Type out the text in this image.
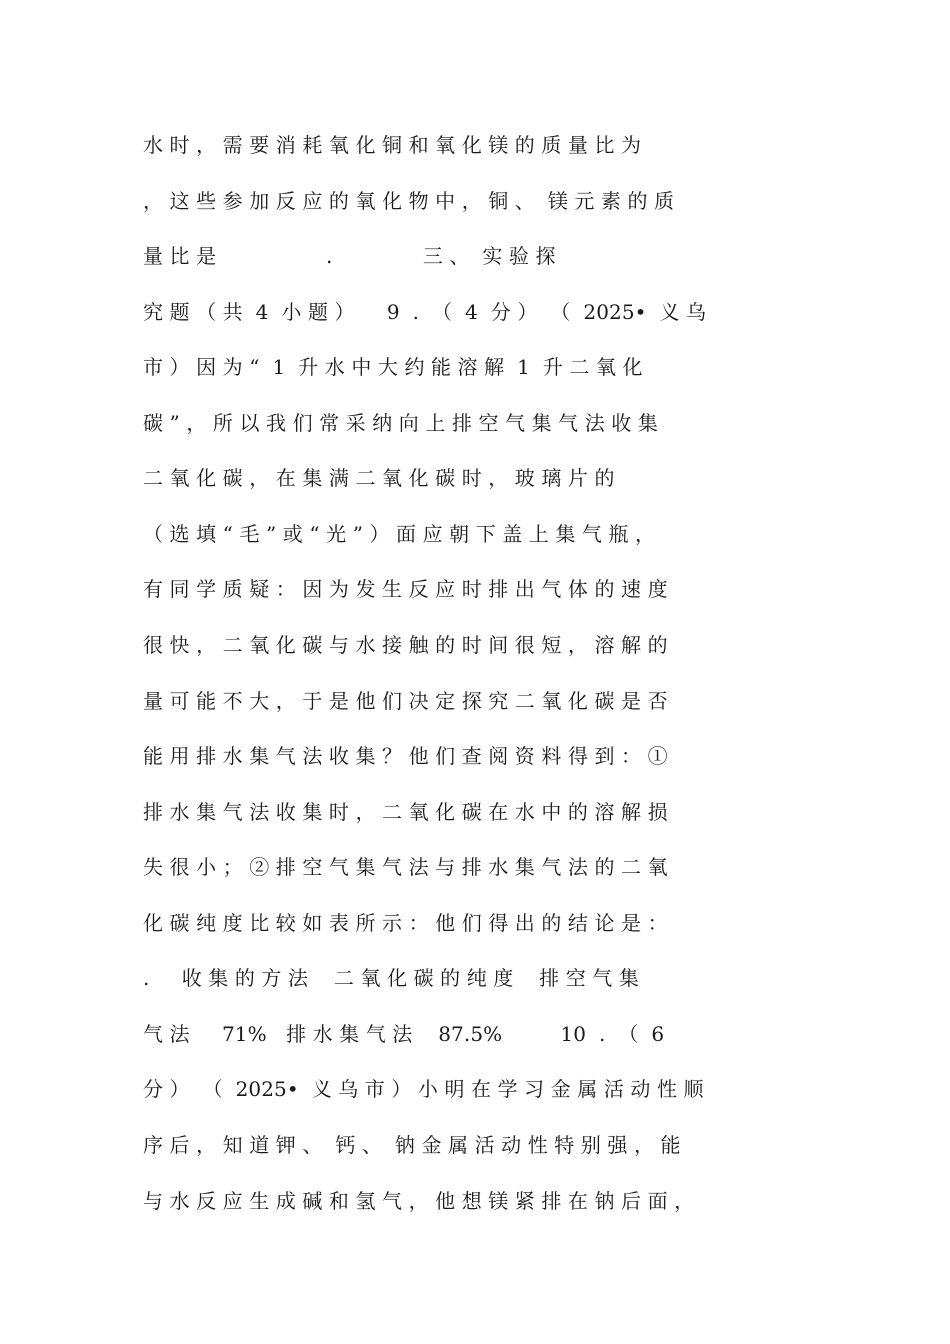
水 时 ， 需 要 消 耗 氧 化 铜 和 氧 化 镁 的 质 量 比 为
， 这 些 参 加 反 应 的 氧 化 物 中 ， 铜 、  镁 元 素 的 质
量 比 是                 .              三 、  实 验 探
究 题 （ 共  4  小 题 ）     9  .  （  4  分 ）  （  2025•  义 乌
市 ） 因 为 “  1  升 水 中 大 约 能 溶 解  1  升 二 氧 化
碳 ” ， 所 以 我 们 常 采 纳 向 上 排 空 气 集 气 法 收 集
二 氧 化 碳 ， 在 集 满 二 氧 化 碳 时 ， 玻 璃 片 的
（ 选 填 “ 毛 ” 或 “ 光 ” ） 面 应 朝 下 盖 上 集 气 瓶 ，
有 同 学 质 疑 ： 因 为 发 生 反 应 时 排 出 气 体 的 速 度
很 快 ， 二 氧 化 碳 与 水 接 触 的 时 间 很 短 ， 溶 解 的
量 可 能 不 大 ， 于 是 他 们 决 定 探 究 二 氧 化 碳 是 否
能 用 排 水 集 气 法 收 集 ？ 他 们 查 阅 资 料 得 到 ： ①
排 水 集 气 法 收 集 时 ， 二 氧 化 碳 在 水 中 的 溶 解 损
失 很 小 ； ② 排 空 气 集 气 法 与 排 水 集 气 法 的 二 氧
化 碳 纯 度 比 较 如 表 所 示 ： 他 们 得 出 的 结 论 是 ：
.     收 集 的 方 法    二 氧 化 碳 的 纯 度    排 空 气 集
气 法     71%   排 水 集 气 法    87.5%         10  .  （  6
分 ）  （  2025•  义 乌 市 ） 小 明 在 学 习 金 属 活 动 性 顺
序 后 ， 知 道 钾 、  钙 、  钠 金 属 活 动 性 特 别 强 ， 能
与 水 反 应 生 成 碱 和 氢 气 ， 他 想 镁 紧 排 在 钠 后 面 ，
